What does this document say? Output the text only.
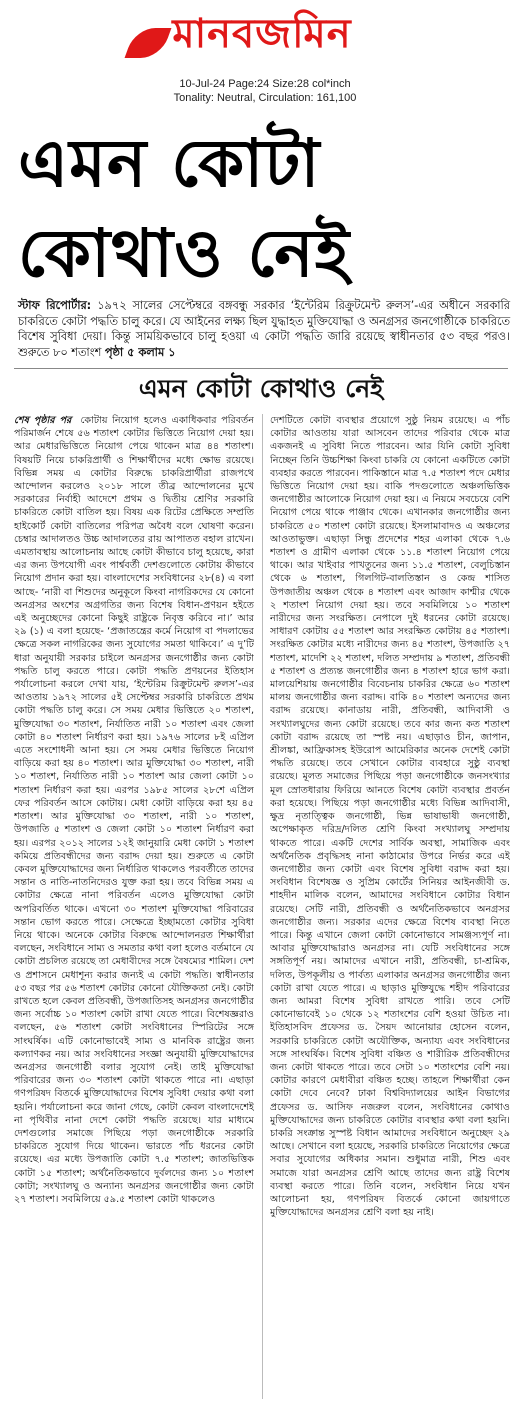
মানবজমিন
10-Jul-24 Page:24 Size:28 col*inch
Tonality: Neutral, Circulation: 161,100
এমন কোটা
কোথাও নেই
স্টাফ রিপোর্টার: ১৯৭২ সালের সেপ্টেম্বরে বঙ্গবন্ধু সরকার ‘ইন্টেরিম রিক্রুটমেন্ট রুলস’-এর অধীনে সরকারি চাকরিতে কোটা পদ্ধতি চালু করে। যে আইনের লক্ষ্য ছিল যুদ্ধাহত মুক্তিযোদ্ধা ও অনগ্রসর জনগোষ্ঠীকে চাকরিতে বিশেষ সুবিধা দেয়া। কিন্তু সাময়িকভাবে চালু হওয়া এ কোটা পদ্ধতি জারি রয়েছে স্বাধীনতার ৫৩ বছর পরও। শুরুতে ৮০ শতাংশ পৃষ্ঠা ৫ কলাম ১
এমন কোটা কোথাও নেই
শেষ পৃষ্ঠার পর কোটায় নিয়োগ হলেও একাধিকবার পরিবর্তন পরিমার্জন শেষে ৫৬ শতাংশ কোটার ভিত্তিতে নিয়োগ দেয়া হয়। আর মেধারভিত্তিতে নিয়োগ পেয়ে থাকেন মাত্র ৪৪ শতাংশ। বিষয়টি নিয়ে চাকরিপ্রার্থী ও শিক্ষার্থীদের মধ্যে ক্ষোভ রয়েছে। বিভিন্ন সময় এ কোটার বিরুদ্ধে চাকরিপ্রার্থীরা রাজপথে আন্দোলন করলেও ২০১৮ সালে তীব্র আন্দোলনের মুখে সরকারের নির্বাহী আদেশে প্রথম ও দ্বিতীয় শ্রেণির সরকারি চাকরিতে কোটা বাতিল হয়। বিষয় এক রিটের প্রেক্ষিতে সম্প্রতি হাইকোর্ট কোটা বাতিলের পরিপত্র অবৈধ বলে ঘোষণা করেন। চেম্বার আদালতও উচ্চ আদালতের রায় আপাতত বহাল রাখেন। এমতাবস্থায় আলোচনায় আছে কোটা কীভাবে চালু হয়েছে, কারা এর জন্য উপযোগী এবং পার্শ্ববর্তী দেশগুলোতে কোটায় কীভাবে নিয়োগ প্রদান করা হয়। বাংলাদেশের সংবিধানের ২৮(৪) এ বলা আছে- ‘নারী বা শিশুদের অনুকূলে কিংবা নাগরিকদের যে কোনো অনগ্রসর অংশের অগ্রগতির জন্য বিশেষ বিধান-প্রণয়ন হইতে এই অনুচ্ছেদের কোনো কিছুই রাষ্ট্রকে নিবৃত্ত করিবে না।’ আর ২৯ (১) এ বলা হয়েছে- ‘প্রজাতন্ত্রের কর্মে নিয়োগ বা পদলাভের ক্ষেত্রে সকল নাগরিকের জন্য সুযোগের সমতা থাকিবে।’ এ দু’টি ধারা অনুযায়ী সরকার চাইলে অনগ্রসর জনগোষ্ঠীর জন্য কোটা পদ্ধতি চালু করতে পারে। কোটা পদ্ধতি প্রণয়নের ইতিহাস পর্যালোচনা করলে দেখা যায়, ‘ইন্টেরিম রিক্রুটমেন্ট রুলস’-এর আওতায় ১৯৭২ সালের ৫ই সেপ্টেম্বর সরকারি চাকরিতে প্রথম কোটা পদ্ধতি চালু করে। সে সময় মেধার ভিত্তিতে ২০ শতাংশ, মুক্তিযোদ্ধা ৩০ শতাংশ, নির্যাতিত নারী ১০ শতাংশ এবং জেলা কোটা ৪০ শতাংশ নির্ধারণ করা হয়। ১৯৭৬ সালের ৮ই এপ্রিল এতে সংশোধনী আনা হয়। সে সময় মেধার ভিত্তিতে নিয়োগ বাড়িয়ে করা হয় ৪০ শতাংশ। আর মুক্তিযোদ্ধা ৩০ শতাংশ, নারী ১০ শতাংশ, নির্যাতিত নারী ১০ শতাংশ আর জেলা কোটা ১০ শতাংশ নির্ধারণ করা হয়। এরপর ১৯৮৫ সালের ২৮শে এপ্রিল ফের পরিবর্তন আসে কোটায়। মেধা কোটা বাড়িয়ে করা হয় ৪৫ শতাংশ। আর মুক্তিযোদ্ধা ৩০ শতাংশ, নারী ১০ শতাংশ, উপজাতি ৫ শতাংশ ও জেলা কোটা ১০ শতাংশ নির্ধারণ করা হয়। এরপর ২০১২ সালের ১২ই জানুয়ারি মেধা কোটা ১ শতাংশ কমিয়ে প্রতিবন্ধীদের জন্য বরাদ্দ দেয়া হয়। শুরুতে এ কোটা কেবল মুক্তিযোদ্ধাদের জন্য নির্ধারিত থাকলেও পরবর্তীতে তাদের সন্তান ও নাতি-নাতনিদেরও যুক্ত করা হয়। তবে বিভিন্ন সময় এ কোটার ক্ষেত্রে নানা পরিবর্তন এলেও মুক্তিযোদ্ধা কোটা অপরিবর্তিত থাকে। এখনো ৩০ শতাংশ মুক্তিযোদ্ধা পরিবারের সন্তান ভোগ করতে পারে। সেক্ষেত্রে ইচ্ছামতো কোটার সুবিধা নিয়ে থাকে। অনেকে কোটার বিরুদ্ধে আন্দোলনরত শিক্ষার্থীরা বলছেন, সংবিধানে সাম্য ও সমতার কথা বলা হলেও বর্তমানে যে কোটা প্রচলিত রয়েছে তা মেধাবীদের সঙ্গে বৈষম্যের শামিল। দেশ ও প্রশাসনে মেধাশূন্য করার জন্যই এ কোটা পদ্ধতি। স্বাধীনতার ৫৩ বছর পর ৫৬ শতাংশ কোটার কোনো যৌক্তিকতা নেই। কোটা রাখতে হলে কেবল প্রতিবন্ধী, উপজাতিসহ অনগ্রসর জনগোষ্ঠীর জন্য সর্বোচ্চ ১০ শতাংশ কোটা রাখা যেতে পারে। বিশেষজ্ঞরাও বলছেন, ৫৬ শতাংশ কোটা সংবিধানের স্পিরিটের সঙ্গে সাংঘর্ষিক। এটি কোনোভাবেই সাম্য ও মানবিক রাষ্ট্রের জন্য কল্যাণকর নয়। আর সংবিধানের সংজ্ঞা অনুযায়ী মুক্তিযোদ্ধাদের অনগ্রসর জনগোষ্ঠী বলার সুযোগ নেই। তাই মুক্তিযোদ্ধা পরিবারের জন্য ৩০ শতাংশ কোটা থাকতে পারে না। এছাড়া গণপরিষদ বিতর্কে মুক্তিযোদ্ধাদের বিশেষ সুবিধা দেয়ার কথা বলা হয়নি। পর্যালোচনা করে জানা গেছে, কোটা কেবল বাংলাদেশেই না পৃথিবীর নানা দেশে কোটা পদ্ধতি রয়েছে। যার মাধ্যমে দেশগুলোর সমাজে পিছিয়ে পড়া জনগোষ্ঠীকে সরকারি চাকরিতে সুযোগ দিয়ে থাকেন। ভারতে পাঁচ ধরনের কোটা রয়েছে। এর মধ্যে উপজাতি কোটা ৭.৫ শতাংশ; জাতভিত্তিক কোটা ১৫ শতাংশ; অর্থনৈতিকভাবে দুর্বলদের জন্য ১০ শতাংশ কোটা; সংখ্যালঘু ও অন্যান্য অনগ্রসর জনগোষ্ঠীর জন্য কোটা ২৭ শতাংশ। সবমিলিয়ে ৫৯.৫ শতাংশ কোটা থাকলেও
দেশটিতে কোটা ব্যবস্থার প্রয়োগে সুষ্ঠু নিয়ম রয়েছে। এ পাঁচ কোটার আওতায় যারা আসবেন তাদের পরিবার থেকে মাত্র একজনই এ সুবিধা নিতে পারবেন। আর যিনি কোটা সুবিধা নিচ্ছেন তিনি উচ্চশিক্ষা কিংবা চাকরি যে কোনো একটিতে কোটা ব্যবহার করতে পারবেন। পাকিস্তানে মাত্র ৭.৫ শতাংশ পদে মেধার ভিত্তিতে নিয়োগ দেয়া হয়। বাকি পদগুলোতে অঞ্চলভিত্তিক জনগোষ্ঠীর আলোকে নিয়োগ দেয়া হয়। এ নিয়মে সবচেয়ে বেশি নিয়োগ পেয়ে থাকে পাঞ্জাব থেকে। এখানকার জনগোষ্ঠীর জন্য চাকরিতে ৫০ শতাংশ কোটা রয়েছে। ইসলামাবাদও এ অঞ্চলের আওতাভুক্ত। এছাড়া সিন্ধু প্রদেশের শহর এলাকা থেকে ৭.৬ শতাংশ ও গ্রামীণ এলাকা থেকে ১১.৪ শতাংশ নিয়োগ পেয়ে থাকে। আর খাইবার পাখতুনের জন্য ১১.৫ শতাংশ, বেলুচিস্তান থেকে ৬ শতাংশ, গিলগিট-বালতিস্তান ও কেন্দ্র শাসিত উপজাতীয় অঞ্চল থেকে ৪ শতাংশ এবং আজাদ কাশ্মীর থেকে ২ শতাংশ নিয়োগ দেয়া হয়। তবে সবমিলিয়ে ১০ শতাংশ নারীদের জন্য সংরক্ষিত। নেপালে দুই ধরনের কোটা রয়েছে। সাধারণ কোটায় ৫৫ শতাংশ আর সংরক্ষিত কোটায় ৪৫ শতাংশ। সংরক্ষিত কোটার মধ্যে নারীদের জন্য ৪৫ শতাংশ, উপজাতি ২৭ শতাংশ, মাদেশি ২২ শতাংশ, দলিত সম্প্রদায় ৯ শতাংশ, প্রতিবন্ধী ৫ শতাংশ ও প্রত্যন্ত জনগোষ্ঠীর জন্য ৪ শতাংশ হারে ভাগ করা। মালয়েশিয়ায় জনগোষ্ঠীর বিবেচনায় চাকরির ক্ষেত্রে ৬০ শতাংশ মালয় জনগোষ্ঠীর জন্য বরাদ্দ। বাকি ৪০ শতাংশ অন্যদের জন্য বরাদ্দ রয়েছে। কানাডায় নারী, প্রতিবন্ধী, আদিবাসী ও সংখ্যালঘুদের জন্য কোটা রয়েছে। তবে কার জন্য কত শতাংশ কোটা বরাদ্দ রয়েছে তা স্পষ্ট নয়। এছাড়াও চীন, জাপান, শ্রীলঙ্কা, আফ্রিকাসহ ইউরোপ আমেরিকার অনেক দেশেই কোটা পদ্ধতি রয়েছে। তবে সেখানে কোটার ব্যবহারে সুষ্ঠু ব্যবস্থা রয়েছে। মূলত সমাজের পিছিয়ে পড়া জনগোষ্ঠীকে জনসংখ্যার মূল স্রোতধারায় ফিরিয়ে আনতে বিশেষ কোটা ব্যবস্থার প্রবর্তন করা হয়েছে। পিছিয়ে পড়া জনগোষ্ঠীর মধ্যে বিভিন্ন আদিবাসী, ক্ষুদ্র নৃতাত্ত্বিক জনগোষ্ঠী, ভিন্ন ভাষাভাষী জনগোষ্ঠী, অপেক্ষাকৃত দরিদ্র/দলিত শ্রেণি কিংবা সংখ্যালঘু সম্প্রদায় থাকতে পারে। একটি দেশের সার্বিক অবস্থা, সামাজিক এবং অর্থনৈতিক প্রবৃদ্ধিসহ নানা কাঠামোর উপরে নির্ভর করে এই জনগোষ্ঠীর জন্য কোটা এবং বিশেষ সুবিধা বরাদ্দ করা হয়। সংবিধান বিশেষজ্ঞ ও সুপ্রিম কোর্টের সিনিয়র আইনজীবী ড. শাহদীন মালিক বলেন, আমাদের সংবিধানে কোটার বিধান রয়েছে। সেটি নারী, প্রতিবন্ধী ও অর্থনৈতিকভাবে অনগ্রসর জনগোষ্ঠীর জন্য। সরকার এদের ক্ষেত্রে বিশেষ ব্যবস্থা নিতে পারে। কিন্তু এখানে জেলা কোটা কোনোভাবে সামঞ্জস্যপূর্ণ না। আবার মুক্তিযোদ্ধারাও অনগ্রসর না। যেটি সংবিধানের সঙ্গে সঙ্গতিপূর্ণ নয়। আমাদের এখানে নারী, প্রতিবন্ধী, চা-শ্রমিক, দলিত, উপকূলীয় ও পার্বত্য এলাকার অনগ্রসর জনগোষ্ঠীর জন্য কোটা রাখা যেতে পারে। এ ছাড়াও মুক্তিযুদ্ধে শহীদ পরিবারের জন্য আমরা বিশেষ সুবিধা রাখতে পারি। তবে সেটি কোনোভাবেই ১০ থেকে ১২ শতাংশের বেশি হওয়া উচিত না। ইতিহাসবিদ প্রফেসর ড. সৈয়দ আনোয়ার হোসেন বলেন, সরকারি চাকরিতে কোটা অযৌক্তিক, অন্যায্য এবং সংবিধানের সঙ্গে সাংঘর্ষিক। বিশেষ সুবিধা বঞ্চিত ও শারীরিক প্রতিবন্ধীদের জন্য কোটা থাকতে পারে। তবে সেটা ১০ শতাংশের বেশি নয়। কোটার কারণে মেধাবীরা বঞ্চিত হচ্ছে। তাহলে শিক্ষার্থীরা কেন কোটা দেবে নেবে? ঢাকা বিশ্ববিদ্যালয়ের আইন বিভাগের প্রফেসর ড. আসিফ নজরুল বলেন, সংবিধানের কোথাও মুক্তিযোদ্ধাদের জন্য চাকরিতে কোটার ব্যবস্থার কথা বলা হয়নি। চাকরি সংক্রান্ত সুস্পষ্ট বিধান আমাদের সংবিধানে অনুচ্ছেদ ২৯ আছে। সেখানে বলা হয়েছে, সরকারি চাকরিতে নিয়োগের ক্ষেত্রে সবার সুযোগের অধিকার সমান। শুধুমাত্র নারী, শিশু এবং সমাজে যারা অনগ্রসর শ্রেণি আছে তাদের জন্য রাষ্ট্র বিশেষ ব্যবস্থা করতে পারে। তিনি বলেন, সংবিধান নিয়ে যখন আলোচনা হয়, গণপরিষদ বিতর্কে কোনো জায়গাতে মুক্তিযোদ্ধাদের অনগ্রসর শ্রেণি বলা হয় নাই।
